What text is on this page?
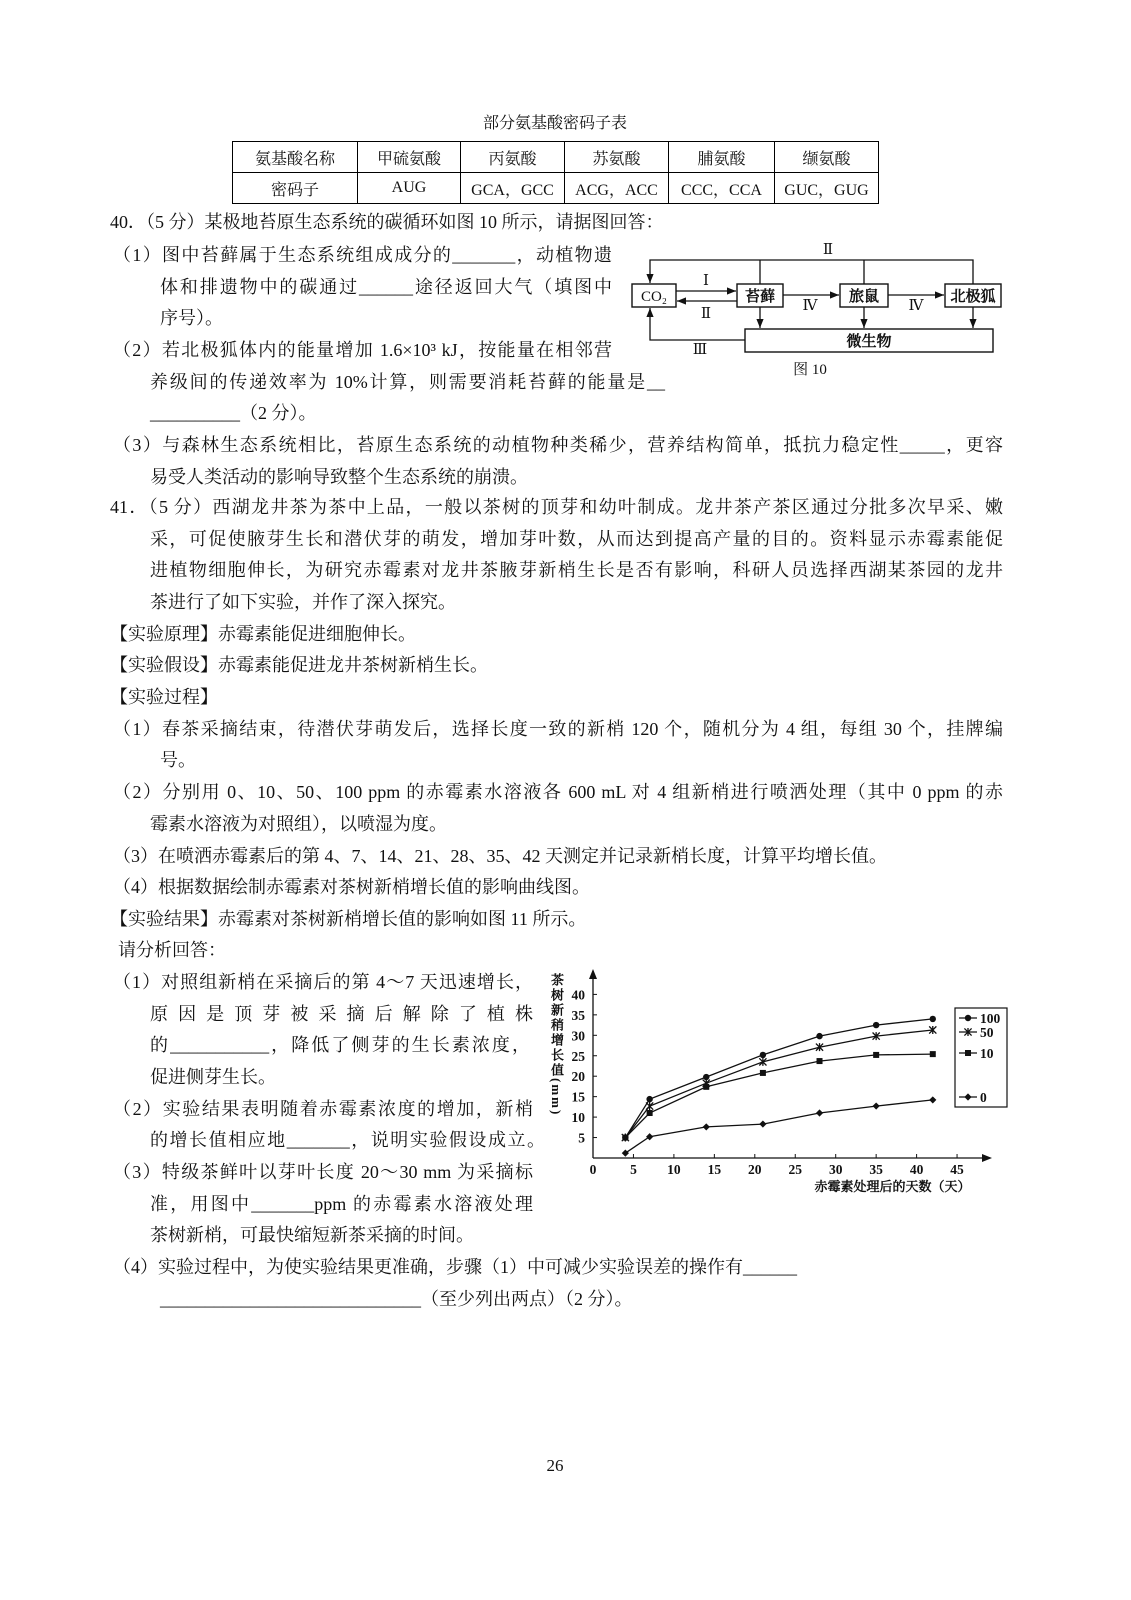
部分氨基酸密码子表
氨基酸名称	甲硫氨酸	丙氨酸	苏氨酸	脯氨酸	缬氨酸
密码子	AUG	GCA，GCC	ACG，ACC	CCC，CCA	GUC，GUG
40．（5 分）某极地苔原生态系统的碳循环如图 10 所示，请据图回答：
（1）图中苔藓属于生态系统组成成分的_______，动植物遗
体和排遗物中的碳通过______途径返回大气（填图中
序号）。
（2）若北极狐体内的能量增加 1.6×10³ kJ，按能量在相邻营
养级间的传递效率为 10%计算，则需要消耗苔藓的能量是__
__________（2 分）。
（3）与森林生态系统相比，苔原生态系统的动植物种类稀少，营养结构简单，抵抗力稳定性_____，更容
易受人类活动的影响导致整个生态系统的崩溃。
Ⅱ
Ⅰ
Ⅱ	Ⅳ	Ⅳ
Ⅲ
CO₂	苔藓	旅鼠	北极狐
微生物
图 10
41．（5 分）西湖龙井茶为茶中上品，一般以茶树的顶芽和幼叶制成。龙井茶产茶区通过分批多次早采、嫩
采，可促使腋芽生长和潜伏芽的萌发，增加芽叶数，从而达到提高产量的目的。资料显示赤霉素能促
进植物细胞伸长，为研究赤霉素对龙井茶腋芽新梢生长是否有影响，科研人员选择西湖某茶园的龙井
茶进行了如下实验，并作了深入探究。
【实验原理】赤霉素能促进细胞伸长。
【实验假设】赤霉素能促进龙井茶树新梢生长。
【实验过程】
（1）春茶采摘结束，待潜伏芽萌发后，选择长度一致的新梢 120 个，随机分为 4 组，每组 30 个，挂牌编
号。
（2）分别用 0、10、50、100 ppm 的赤霉素水溶液各 600 mL 对 4 组新梢进行喷洒处理（其中 0 ppm 的赤
霉素水溶液为对照组），以喷湿为度。
（3）在喷洒赤霉素后的第 4、7、14、21、28、35、42 天测定并记录新梢长度，计算平均增长值。
（4）根据数据绘制赤霉素对茶树新梢增长值的影响曲线图。
【实验结果】赤霉素对茶树新梢增长值的影响如图 11 所示。
请分析回答：
（1）对照组新梢在采摘后的第 4～7 天迅速增长，
原 因 是 顶 芽 被 采 摘 后 解 除 了 植 株
的___________，降低了侧芽的生长素浓度，
促进侧芽生长。
（2）实验结果表明随着赤霉素浓度的增加，新梢
的增长值相应地_______，说明实验假设成立。
（3）特级茶鲜叶以芽叶长度 20～30 mm 为采摘标
准，用图中_______ppm 的赤霉素水溶液处理
茶树新梢，可最快缩短新茶采摘的时间。
（4）实验过程中，为使实验结果更准确，步骤（1）中可减少实验误差的操作有______
_____________________________（至少列出两点）（2 分）。
茶树新稍增长值(mm)
5
10
15
20
25
30
35
40
0 5 10 15 20 25 30 35 40 45
100
50
10
0
赤霉素处理后的天数（天）
26
